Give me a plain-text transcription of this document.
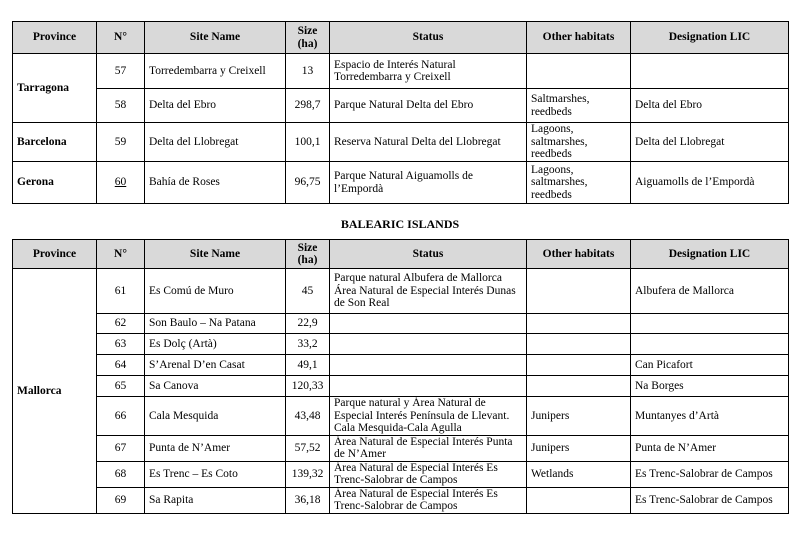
Province	N°	Site Name	Size (ha)	Status	Other habitats	Designation LIC
Tarragona	57	Torredembarra y Creixell	13	Espacio de Interés Natural Torredembarra y Creixell		
	58	Delta del Ebro	298,7	Parque Natural Delta del Ebro	Saltmarshes, reedbeds	Delta del Ebro
Barcelona	59	Delta del Llobregat	100,1	Reserva Natural Delta del Llobregat	Lagoons, saltmarshes, reedbeds	Delta del Llobregat
Gerona	60	Bahía de Roses	96,75	Parque Natural Aiguamolls de l’Empordà	Lagoons, saltmarshes, reedbeds	Aiguamolls de l’Empordà
BALEARIC ISLANDS
Province	N°	Site Name	Size (ha)	Status	Other habitats	Designation LIC
Mallorca	61	Es Comú de Muro	45	Parque natural Albufera de Mallorca Área Natural de Especial Interés Dunas de Son Real		Albufera de Mallorca
	62	Son Baulo – Na Patana	22,9			
	63	Es Dolç (Artà)	33,2			
	64	S’Arenal D’en Casat	49,1			Can Picafort
	65	Sa Canova	120,33			Na Borges
	66	Cala Mesquida	43,48	Parque natural y Área Natural de Especial Interés Península de Llevant. Cala Mesquida-Cala Agulla	Junipers	Muntanyes d’Artà
	67	Punta de N’Amer	57,52	Área Natural de Especial Interés Punta de N’Amer	Junipers	Punta de N’Amer
	68	Es Trenc – Es Coto	139,32	Área Natural de Especial Interés Es Trenc-Salobrar de Campos	Wetlands	Es Trenc-Salobrar de Campos
	69	Sa Rapita	36,18	Área Natural de Especial Interés Es Trenc-Salobrar de Campos		Es Trenc-Salobrar de Campos
